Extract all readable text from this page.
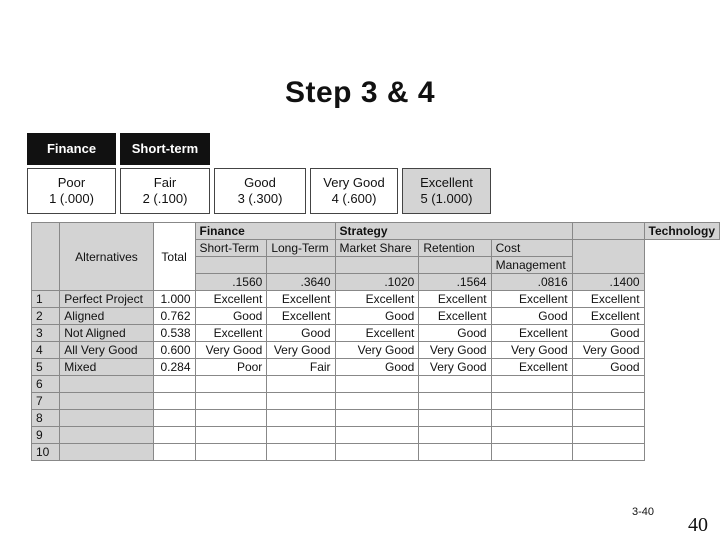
Step 3 & 4
Finance	Short-term
Poor
1 (.000)
Fair
2 (.100)
Good
3 (.300)
Very Good
4 (.600)
Excellent
5 (1.000)
	Alternatives	Total	Finance		Strategy				Technology
			Short-Term	Long-Term	Market Share	Retention	Cost		
							Management		
			.1560	.3640	.1020	.1564	.0816	.1400	
1	Perfect Project	1.000	Excellent	Excellent	Excellent	Excellent	Excellent	Excellent	
2	Aligned	0.762	Good	Excellent	Good	Excellent	Good	Excellent	
3	Not Aligned	0.538	Excellent	Good	Excellent	Good	Excellent	Good	
4	All Very Good	0.600	Very Good	Very Good	Very Good	Very Good	Very Good	Very Good	
5	Mixed	0.284	Poor	Fair	Good	Very Good	Excellent	Good	
6									
7									
8									
9									
10									
3-40
40
